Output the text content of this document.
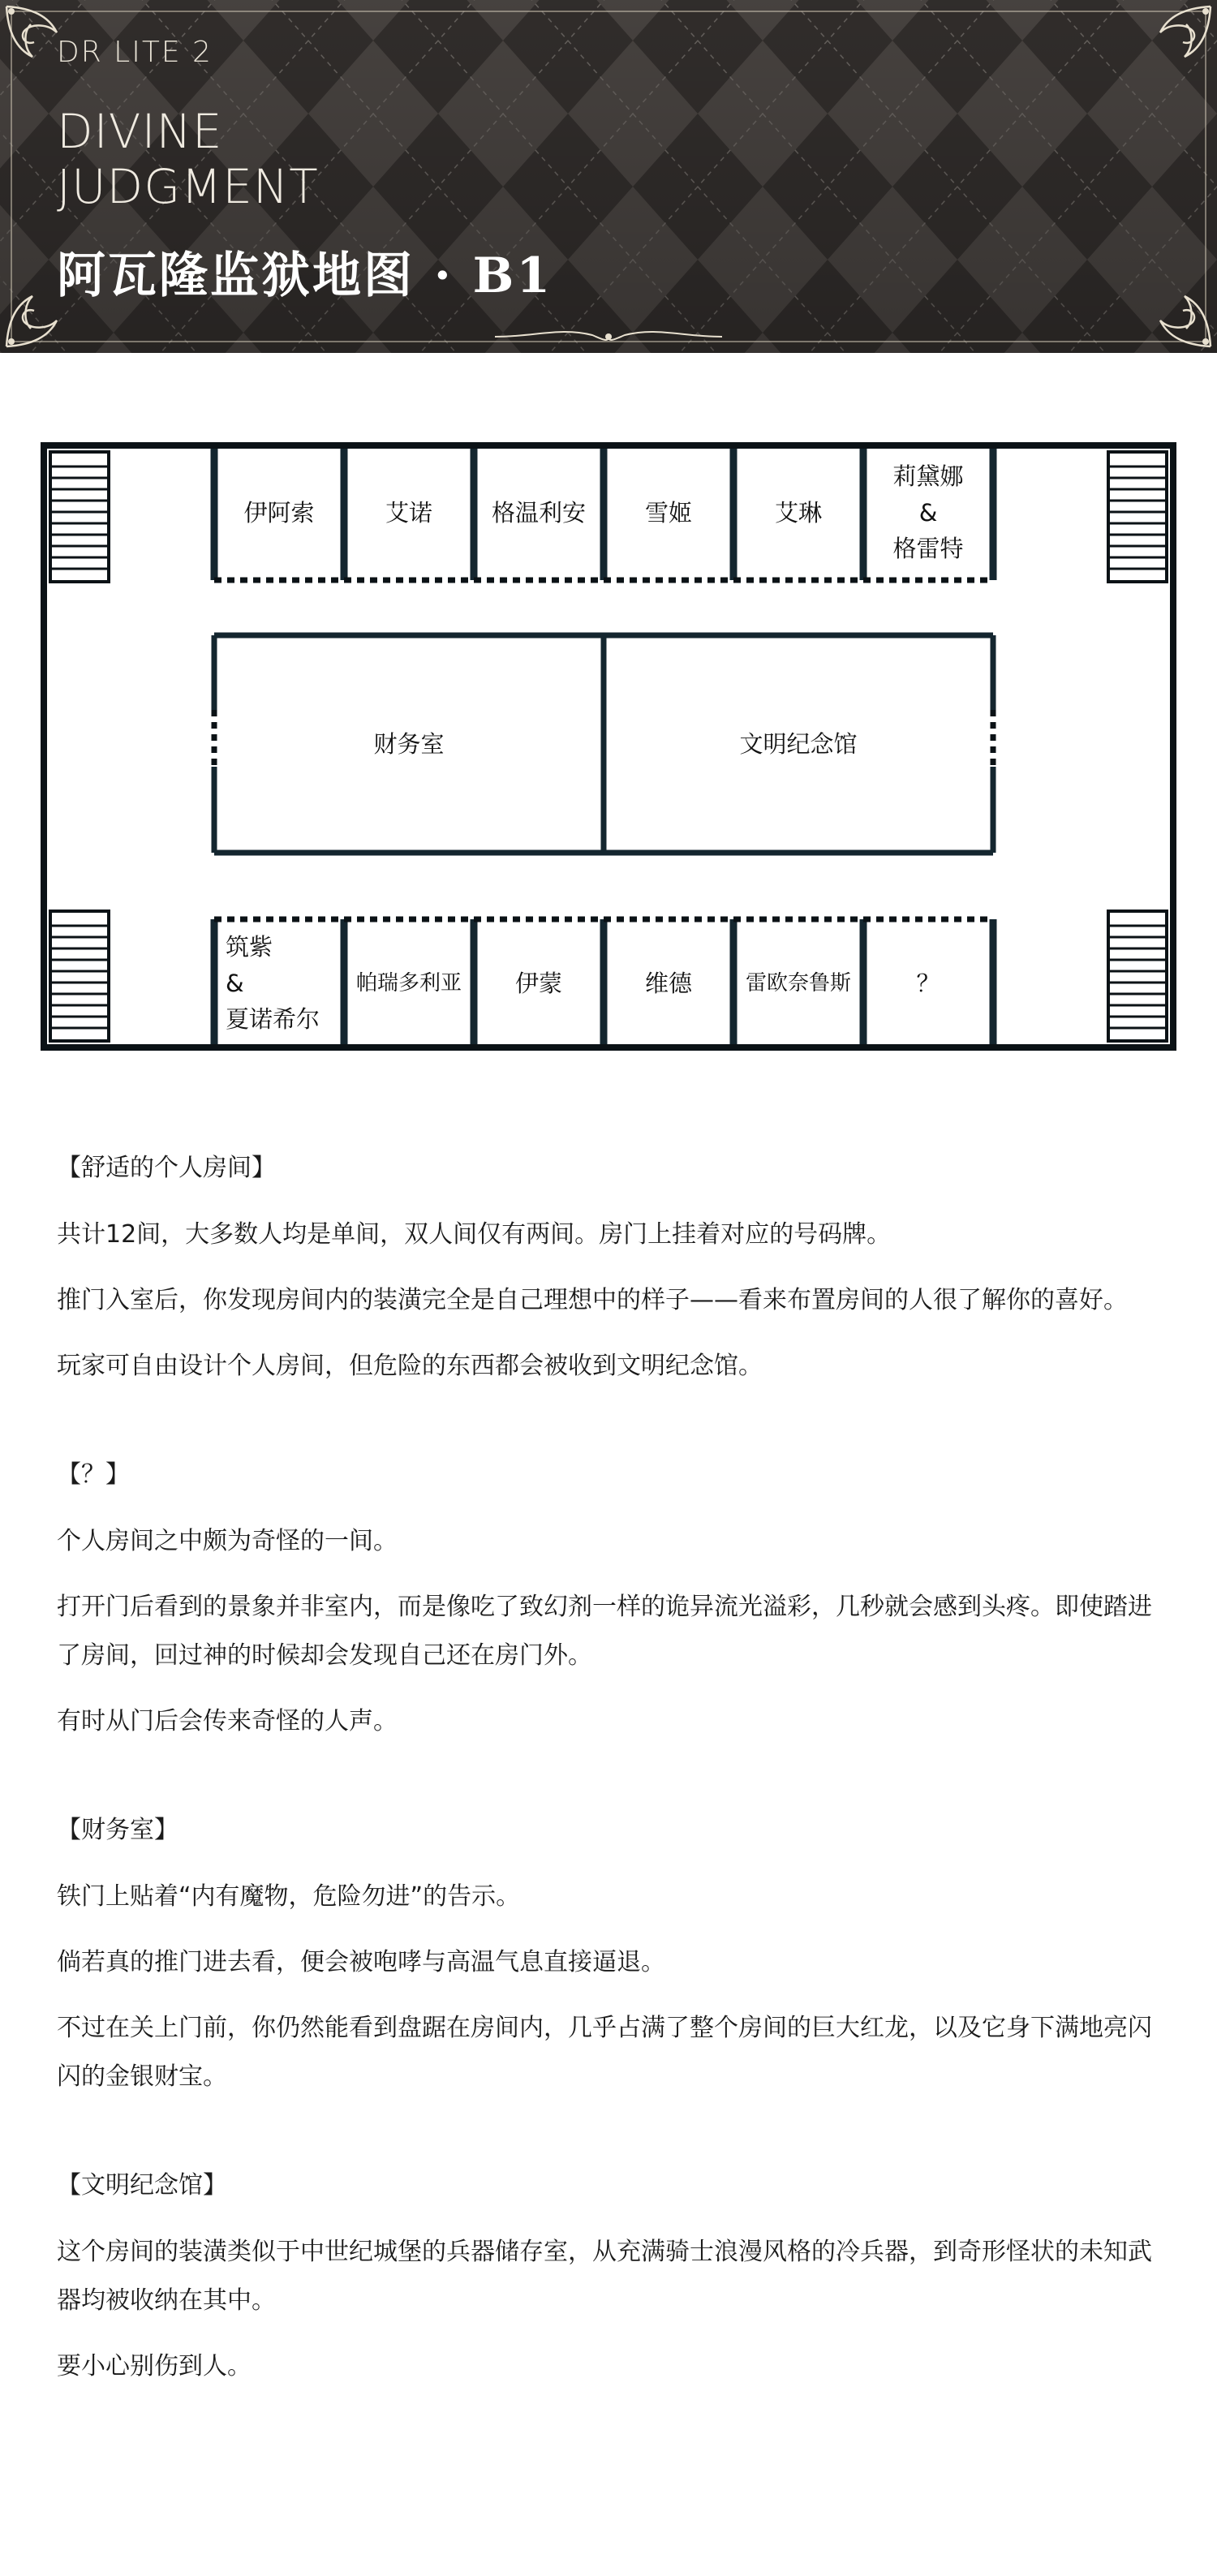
DR LITE 2
DIVINE
JUDGMENT
阿瓦隆监狱地图 · B1
伊阿索	艾诺	格温利安	雪姬	艾琳
莉黛娜
&
格雷特
财务室	文明纪念馆
筑紫
&
夏诺希尔
帕瑞多利亚	伊蒙	维德	雷欧奈鲁斯	？
【舒适的个人房间】
共计12间，大多数人均是单间，双人间仅有两间。房门上挂着对应的号码牌。
推门入室后，你发现房间内的装潢完全是自己理想中的样子——看来布置房间的人很了解你的喜好。
玩家可自由设计个人房间，但危险的东西都会被收到文明纪念馆。
【？】
个人房间之中颇为奇怪的一间。
打开门后看到的景象并非室内，而是像吃了致幻剂一样的诡异流光溢彩，几秒就会感到头疼。即使踏进了房间，回过神的时候却会发现自己还在房门外。
有时从门后会传来奇怪的人声。
【财务室】
铁门上贴着“内有魔物，危险勿进”的告示。
倘若真的推门进去看，便会被咆哮与高温气息直接逼退。
不过在关上门前，你仍然能看到盘踞在房间内，几乎占满了整个房间的巨大红龙，以及它身下满地亮闪闪的金银财宝。
【文明纪念馆】
这个房间的装潢类似于中世纪城堡的兵器储存室，从充满骑士浪漫风格的冷兵器，到奇形怪状的未知武器均被收纳在其中。
要小心别伤到人。
